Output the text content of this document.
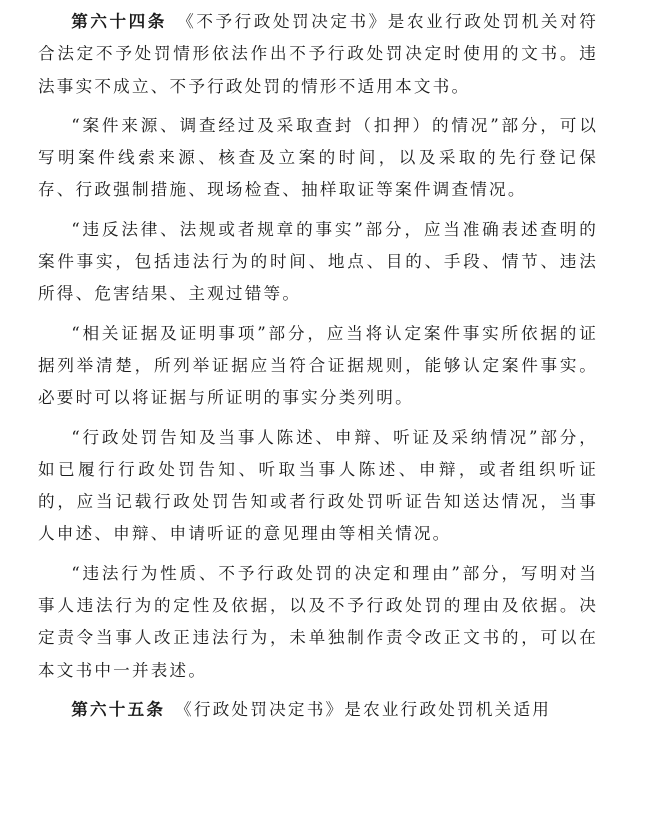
第六十四条 《不予行政处罚决定书》是农业行政处罚机关对符合法定不予处罚情形依法作出不予行政处罚决定时使用的文书。违法事实不成立、不予行政处罚的情形不适用本文书。

“案件来源、调查经过及采取查封（扣押）的情况”部分，可以写明案件线索来源、核查及立案的时间，以及采取的先行登记保存、行政强制措施、现场检查、抽样取证等案件调查情况。

“违反法律、法规或者规章的事实”部分，应当准确表述查明的案件事实，包括违法行为的时间、地点、目的、手段、情节、违法所得、危害结果、主观过错等。

“相关证据及证明事项”部分，应当将认定案件事实所依据的证据列举清楚，所列举证据应当符合证据规则，能够认定案件事实。必要时可以将证据与所证明的事实分类列明。

“行政处罚告知及当事人陈述、申辩、听证及采纳情况”部分，如已履行行政处罚告知、听取当事人陈述、申辩，或者组织听证的，应当记载行政处罚告知或者行政处罚听证告知送达情况，当事人申述、申辩、申请听证的意见理由等相关情况。

“违法行为性质、不予行政处罚的决定和理由”部分，写明对当事人违法行为的定性及依据，以及不予行政处罚的理由及依据。决定责令当事人改正违法行为，未单独制作责令改正文书的，可以在本文书中一并表述。

第六十五条 《行政处罚决定书》是农业行政处罚机关适用
